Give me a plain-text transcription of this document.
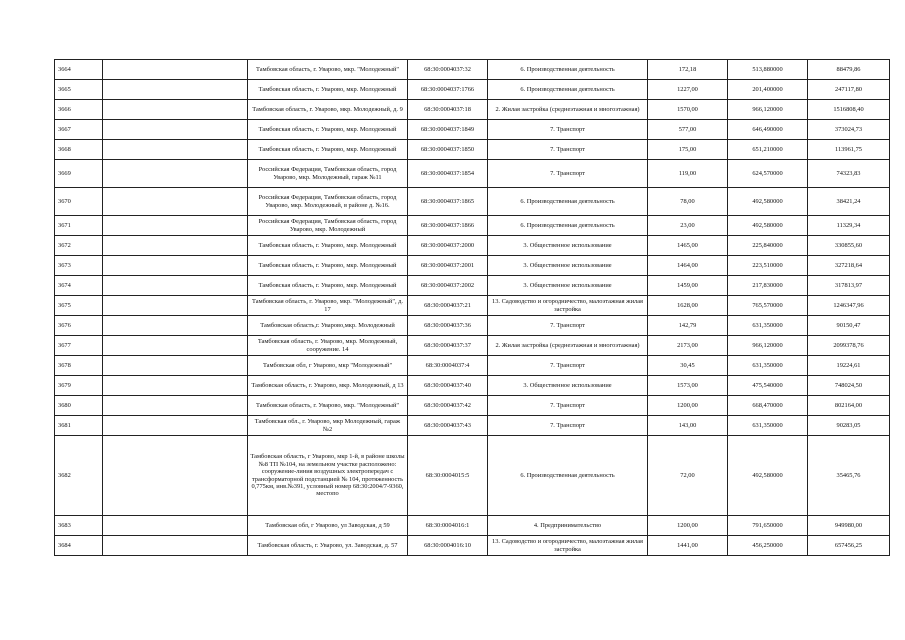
3664		Тамбовская область, г. Уварово, мкр. "Молодежный"	68:30:0004037:32	6. Производственная деятельность	172,18	513,880000	88479,86
3665		Тамбовская область, г. Уварово, мкр. Молодежный	68:30:0004037:1766	6. Производственная деятельность	1227,00	201,400000	247117,80
3666		Тамбовская область, г. Уварово, мкр. Молодежный, д. 9	68:30:0004037:18	2. Жилая застройка (среднеэтажная и многоэтажная)	1570,00	966,120000	1516808,40
3667		Тамбовская область, г. Уварово, мкр. Молодежный	68:30:0004037:1849	7. Транспорт	577,00	646,490000	373024,73
3668		Тамбовская область, г. Уварово, мкр. Молодежный	68:30:0004037:1850	7. Транспорт	175,00	651,210000	113961,75
3669		Российская Федерация, Тамбовская область, город Уварово, мкр. Молодежный, гараж №11	68:30:0004037:1854	7. Транспорт	119,00	624,570000	74323,83
3670		Российская Федерация, Тамбовская область, город Уварово, мкр. Молодежный, в районе д. №16.	68:30:0004037:1865	6. Производственная деятельность	78,00	492,580000	38421,24
3671		Российская Федерация, Тамбовская область, город Уварово, мкр. Молодежный	68:30:0004037:1866	6. Производственная деятельность	23,00	492,580000	11329,34
3672		Тамбовская область, г. Уварово, мкр. Молодежный	68:30:0004037:2000	3. Общественное использование	1465,00	225,840000	330855,60
3673		Тамбовская область, г. Уварово, мкр. Молодежный	68:30:0004037:2001	3. Общественное использование	1464,00	223,510000	327218,64
3674		Тамбовская область, г. Уварово, мкр. Молодежный	68:30:0004037:2002	3. Общественное использование	1459,00	217,830000	317813,97
3675		Тамбовская область, г. Уварово, мкр. "Молодежный", д. 17	68:30:0004037:21	13. Садоводство и огородничество, малоэтажная жилая застройка	1628,00	765,570000	1246347,96
3676		Тамбовская область,г. Уварово,мкр. Молодежный	68:30:0004037:36	7. Транспорт	142,79	631,350000	90150,47
3677		Тамбовская область, г. Уварово, мкр. Молодежный, сооружение. 14	68:30:0004037:37	2. Жилая застройка (среднеэтажная и многоэтажная)	2173,00	966,120000	2099378,76
3678		Тамбовская обл, г Уварово, мкр "Молодежный"	68:30:0004037:4	7. Транспорт	30,45	631,350000	19224,61
3679		Тамбовская область, г. Уварово, мкр. Молодежный, д 13	68:30:0004037:40	3. Общественное использование	1573,00	475,540000	748024,50
3680		Тамбовская область, г. Уварово, мкр. "Молодежный"	68:30:0004037:42	7. Транспорт	1200,00	668,470000	802164,00
3681		Тамбовская обл., г. Уварово, мкр Молодежный, гараж №2	68:30:0004037:43	7. Транспорт	143,00	631,350000	90283,05
3682		Тамбовская область, г Уварово, мкр 1-й, в районе школы №8 ТП №104, на земельном участке расположено: сооружение-линия воздушных электропередач с трансформаторной подстанцией № 104, протяженность 0,775км, инв.№391, условный номер 68:30:2004/7-9360, местопо	68:30:0004015:5	6. Производственная деятельность	72,00	492,580000	35465,76
3683		Тамбовская обл, г Уварово, ул Заводская, д 59	68:30:0004016:1	4. Предпринимательство	1200,00	791,650000	949980,00
3684		Тамбовская область, г. Уварово, ул. Заводская, д. 57	68:30:0004016:10	13. Садоводство и огородничество, малоэтажная жилая застройка	1441,00	456,250000	657456,25
